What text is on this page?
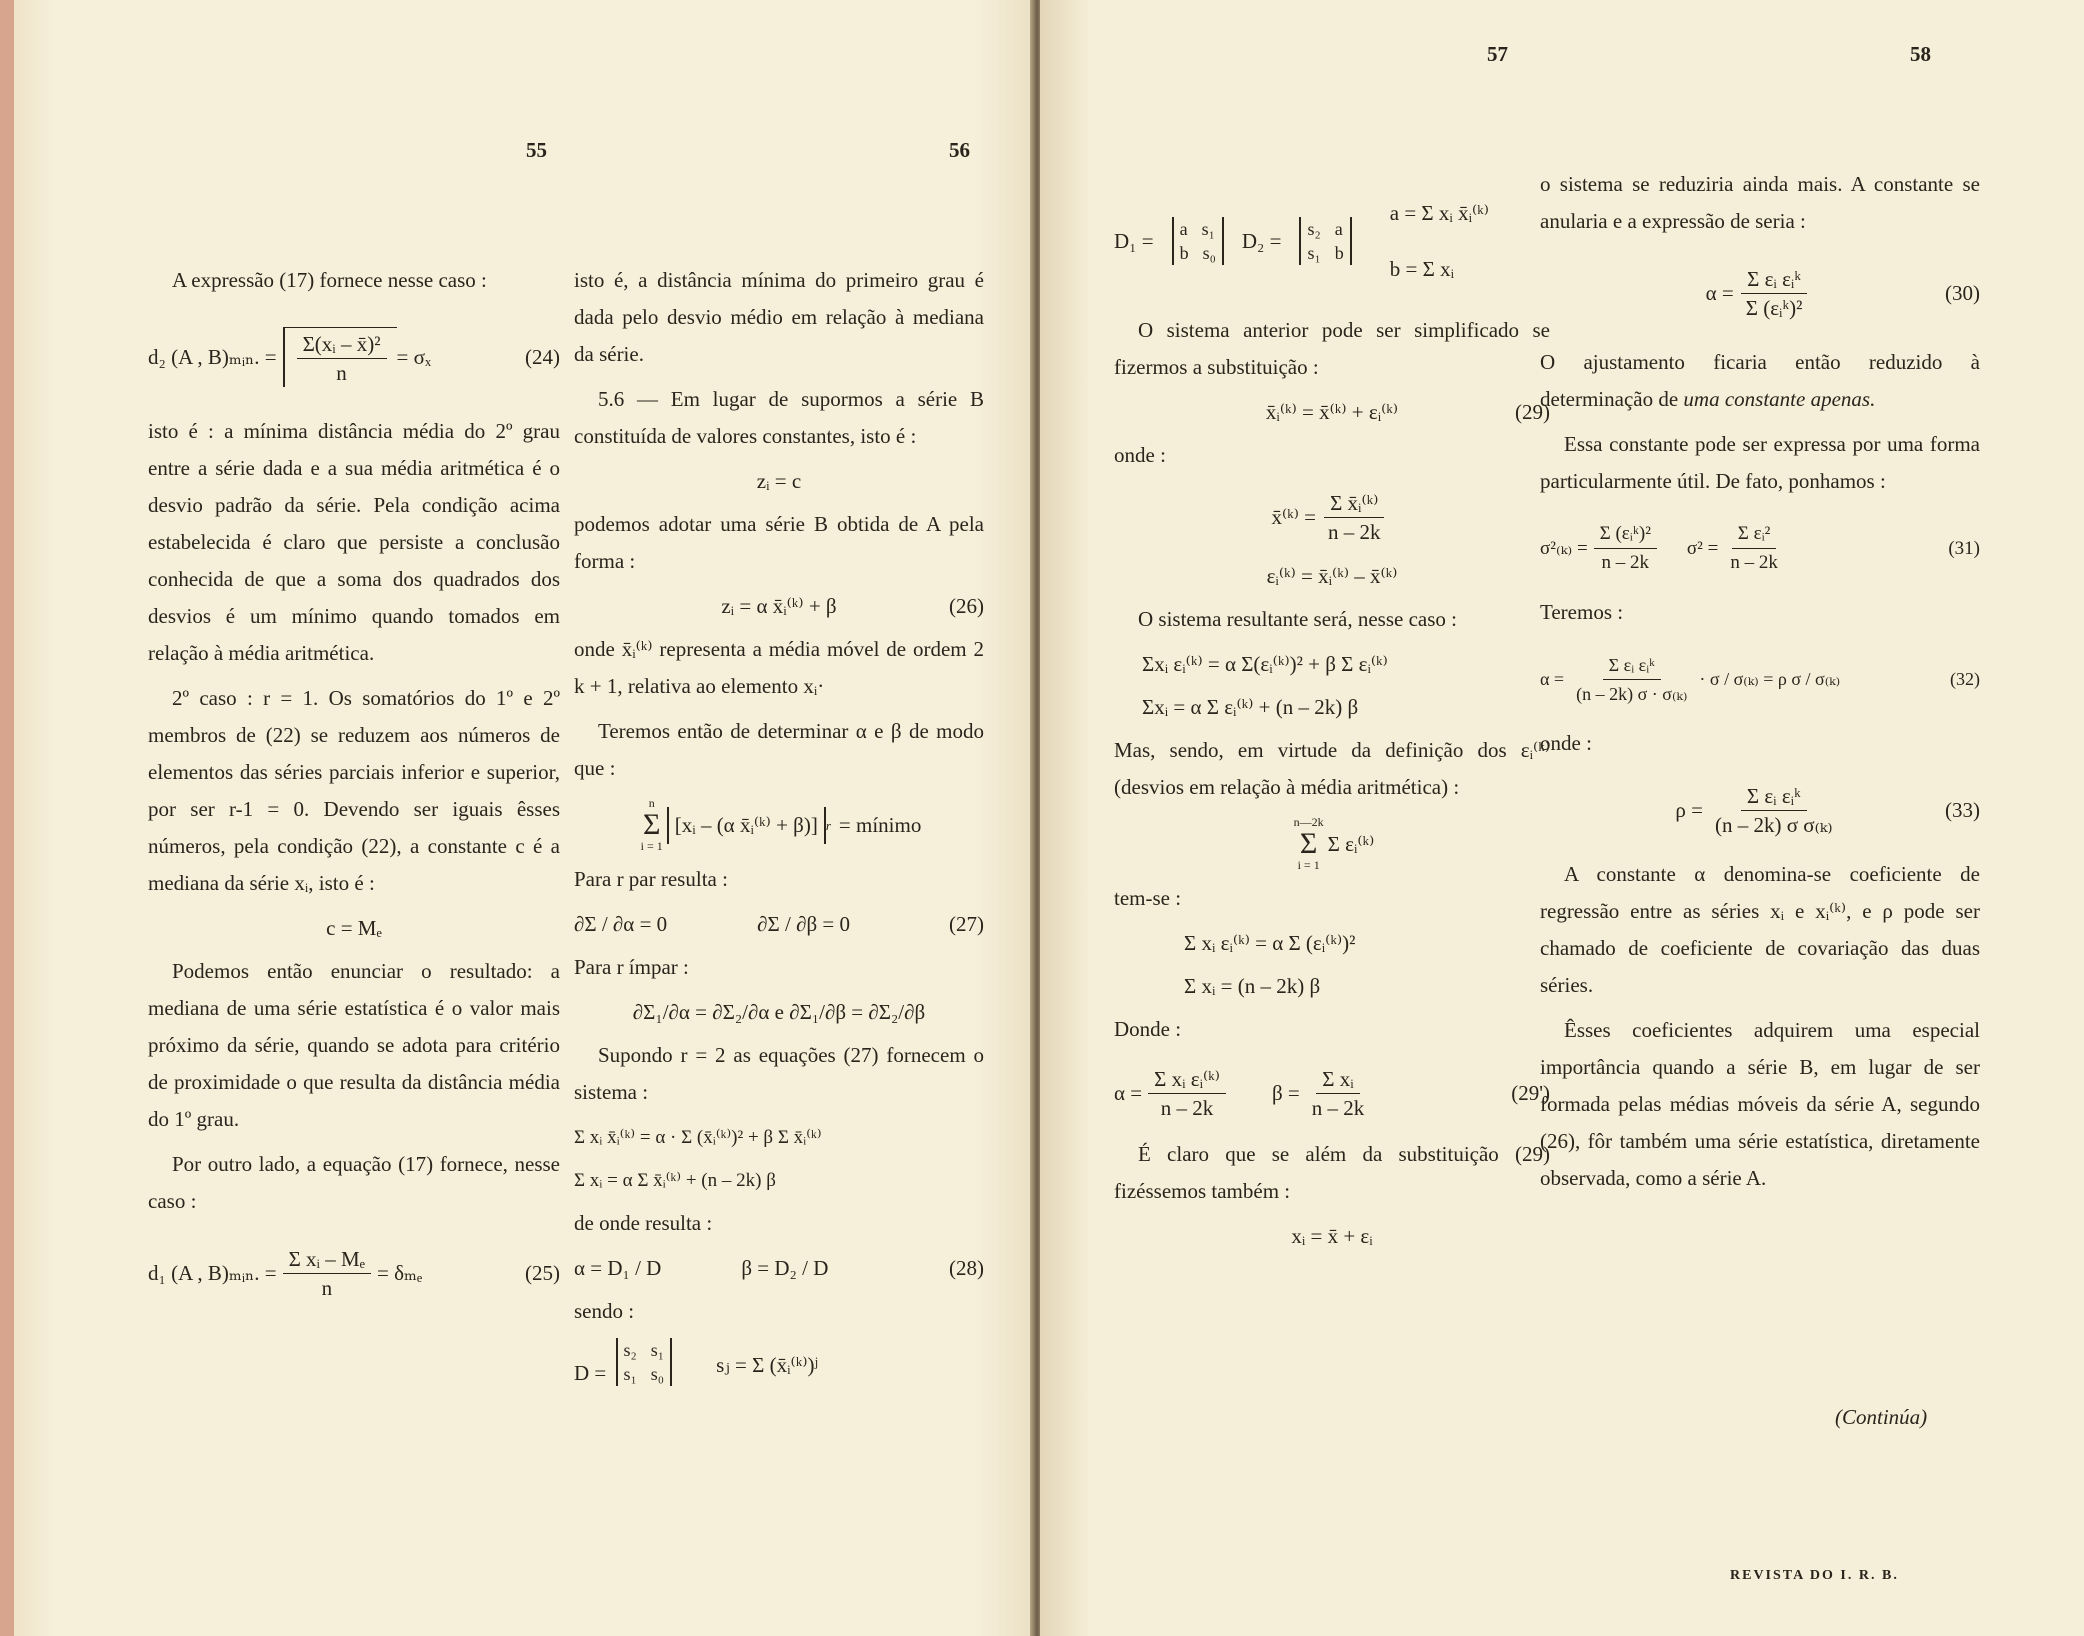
55	56

A expressão (17) fornece nesse caso :

d₂ (A , B)ₘᵢₙ. = $\frac{\text{Σ(xᵢ – x̄)²}}{n} = \sigma_x$	(24)

isto é : a mínima distância média do 2º grau entre a série dada e a sua média aritmética é o desvio padrão da série. Pela condição acima estabelecida é claro que persiste a conclusão conhecida de que a soma dos quadrados dos desvios é um mínimo quando tomados em relação à média aritmética.

2º caso : r = 1. Os somatórios do 1º e 2º membros de (22) se reduzem aos números de elementos das séries parciais inferior e superior, por ser r-1 = 0. Devendo ser iguais êsses números, pela condição (22), a constante c é a mediana da série xᵢ, isto é :

c = Mₑ

Podemos então enunciar o resultado: a mediana de uma série estatística é o valor mais próximo da série, quando se adota para critério de proximidade o que resulta da distância média do 1º grau.

Por outro lado, a equação (17) fornece, nesse caso :

d₁ (A , B)ₘᵢₙ. = $\frac{\text{Σ xᵢ – Mₑ}}{n} = \delta_{me}$	(25)

isto é, a distância mínima do primeiro grau é dada pelo desvio médio em relação à mediana da série.

5.6 — Em lugar de supormos a série B constituída de valores constantes, isto é :

zᵢ = c

podemos adotar uma série B obtida de A pela forma :

zᵢ = α x̄ᵢ⁽ᵏ⁾ + β	(26)

onde x̄ᵢ⁽ᵏ⁾ representa a média móvel de ordem 2 k + 1, relativa ao elemento xᵢ·

Teremos então de determinar α e β de modo que :

n
Σ
i = 1
[xᵢ – (α x̄ᵢ⁽ᵏ⁾ + β)] r = mínimo

Para r par resulta :

∂Σ / ∂α = 0	∂Σ / ∂β = 0	(27)

Para r ímpar :

∂Σ₁/∂α = ∂Σ₂/∂α e ∂Σ₁/∂β = ∂Σ₂/∂β

Supondo r = 2 as equações (27) fornecem o sistema :

Σ xᵢ x̄ᵢ⁽ᵏ⁾ = α · Σ (x̄ᵢ⁽ᵏ⁾)² + β Σ x̄ᵢ⁽ᵏ⁾
Σ xᵢ = α Σ x̄ᵢ⁽ᵏ⁾ + (n – 2k) β

de onde resulta :

α = D₁ / D	β = D₂ / D	(28)

sendo :

D =
s₂ s₁
s₁ s₀ sⱼ = Σ (x̄ᵢ⁽ᵏ⁾)ʲ
57	58
D₁ = a s₁
b s₀
D₂ = s₂ a
s₁ b
a = Σ xᵢ x̄ᵢ⁽ᵏ⁾
b = Σ xᵢ

O sistema anterior pode ser simplificado se fizermos a substituição :

x̄ᵢ⁽ᵏ⁾ = x̄⁽ᵏ⁾ + εᵢ⁽ᵏ⁾	(29)

onde :

x̄⁽ᵏ⁾ = $\frac{\text{Σ x̄ᵢ⁽ᵏ⁾}}{n - 2k}$
εᵢ⁽ᵏ⁾ = x̄ᵢ⁽ᵏ⁾ – x̄⁽ᵏ⁾

O sistema resultante será, nesse caso :

Σxᵢ εᵢ⁽ᵏ⁾ = α Σ(εᵢ⁽ᵏ⁾)² + β Σ εᵢ⁽ᵏ⁾
Σxᵢ = α Σ εᵢ⁽ᵏ⁾ + (n – 2k) β

Mas, sendo, em virtude da definição dos εᵢ⁽ᵏ⁾ (desvios em relação à média aritmética) :

n—2k
Σ
i = 1
Σ εᵢ⁽ᵏ⁾

tem-se :

Σ xᵢ εᵢ⁽ᵏ⁾ = α Σ (εᵢ⁽ᵏ⁾)²
Σ xᵢ = (n – 2k) β

Donde :

$\alpha = \frac{\text{Σ xᵢ εᵢ⁽ᵏ⁾}}{n - 2k}$ $\beta = \frac{\text{Σ xᵢ}}{n - 2k}$	(29')

É claro que se além da substituição (29) fizéssemos também :

xᵢ = x̄ + εᵢ

o sistema se reduziria ainda mais. A constante se anularia e a expressão de seria :

$\alpha = \frac{\text{Σ εᵢ εᵢᵏ}}{\text{Σ (εᵢᵏ)²}}$	(30)

O ajustamento ficaria então reduzido à determinação de uma constante apenas.

Essa constante pode ser expressa por uma forma particularmente útil. De fato, ponhamos :

$\sigma^2_{(k)} = \frac{\text{Σ (εᵢᵏ)²}}{n - 2k} \sigma^2 = \frac{\text{Σ εᵢ²}}{n - 2k}$	(31)

Teremos :

$\alpha = \frac{\text{Σ εᵢ εᵢᵏ}}{\text{(n – 2k) σ · σ₍ₖ₎}} \cdot \sigma / \sigma_{(k)} = \rho$ σ / σ₍ₖ₎	(32)

onde :

$\rho = \frac{\text{Σ εᵢ εᵢᵏ}}{\text{(n – 2k) σ σ₍ₖ₎}}$	(33)

A constante α denomina-se coeficiente de regressão entre as séries xᵢ e xᵢ⁽ᵏ⁾, e ρ pode ser chamado de coeficiente de covariação das duas séries.

Êsses coeficientes adquirem uma especial importância quando a série B, em lugar de ser formada pelas médias móveis da série A, segundo (26), fôr também uma série estatística, diretamente observada, como a série A.

(Continúa)
REVISTA DO I. R. B.
